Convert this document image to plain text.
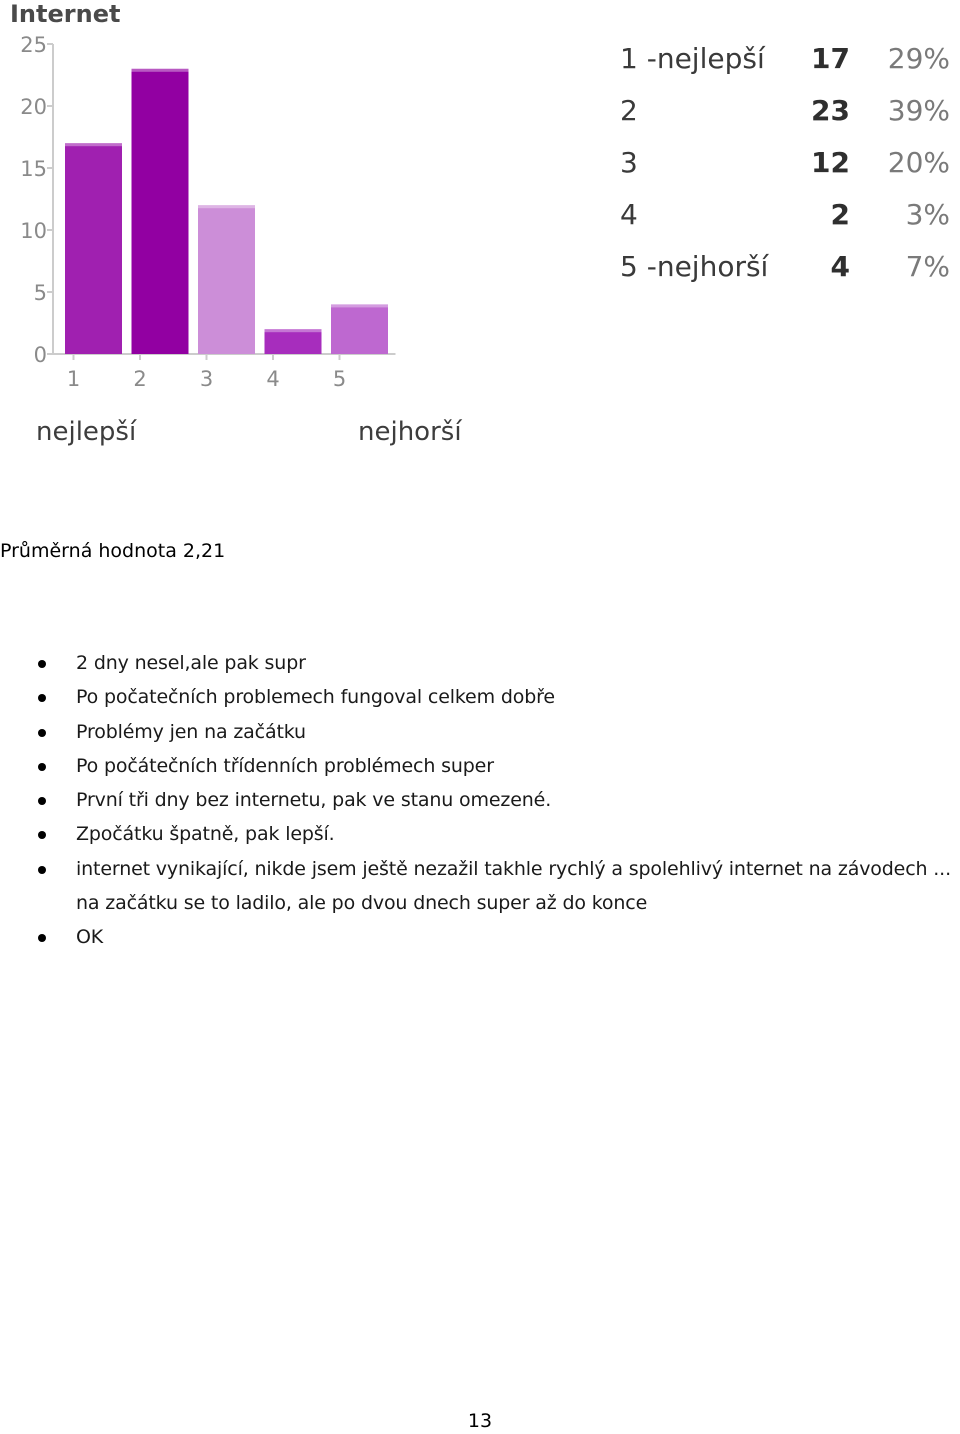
Internet
0
5
10
15
20
25
1	2	3	4	5
nejlepší	nejhorší
1 -nejlepší	17	29%
2	23	39%
3	12	20%
4	2	3%
5 -nejhorší	4	7%
Průměrná hodnota 2,21
2 dny nesel,ale pak supr
Po počatečních problemech fungoval celkem dobře
Problémy jen na začátku
Po počátečních třídenních problémech super
První tři dny bez internetu, pak ve stanu omezené.
Zpočátku špatně, pak lepší.
internet vynikající, nikde jsem ještě nezažil takhle rychlý a spolehlivý internet na závodech ...
na začátku se to ladilo, ale po dvou dnech super až do konce
OK
13
